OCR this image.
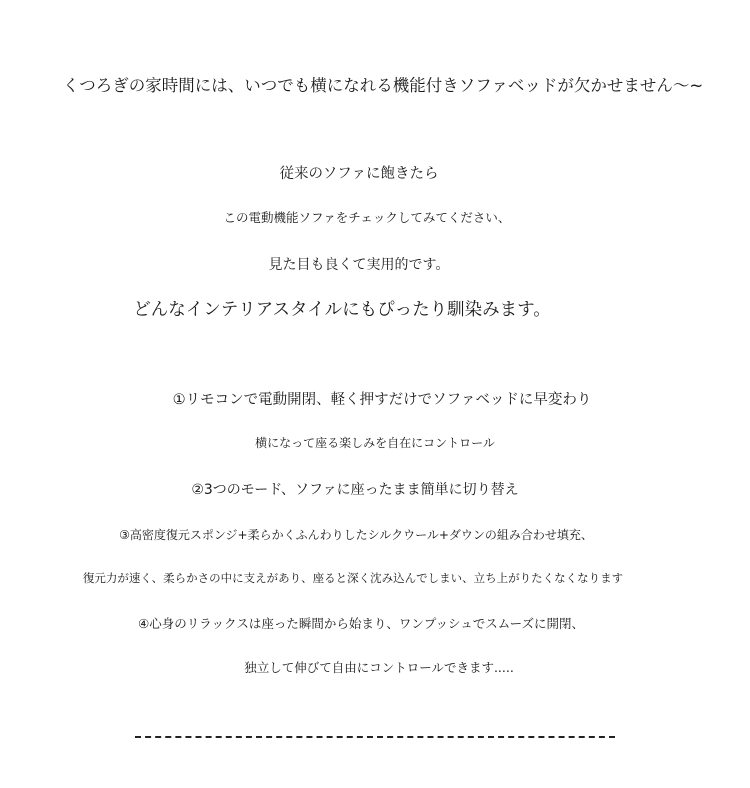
くつろぎの家時間には、いつでも横になれる機能付きソファベッドが欠かせません〜~
従来のソファに飽きたら
この電動機能ソファをチェックしてみてください、
見た目も良くて実用的です。
どんなインテリアスタイルにもぴったり馴染みます。
①リモコンで電動開閉、軽く押すだけでソファベッドに早変わり
横になって座る楽しみを自在にコントロール
②3つのモード、ソファに座ったまま簡単に切り替え
③高密度復元スポンジ+柔らかくふんわりしたシルクウール+ダウンの組み合わせ填充、
復元力が速く、柔らかさの中に支えがあり、座ると深く沈み込んでしまい、立ち上がりたくなくなります
④心身のリラックスは座った瞬間から始まり、ワンプッシュでスムーズに開閉、
独立して伸びて自由にコントロールできます.....
